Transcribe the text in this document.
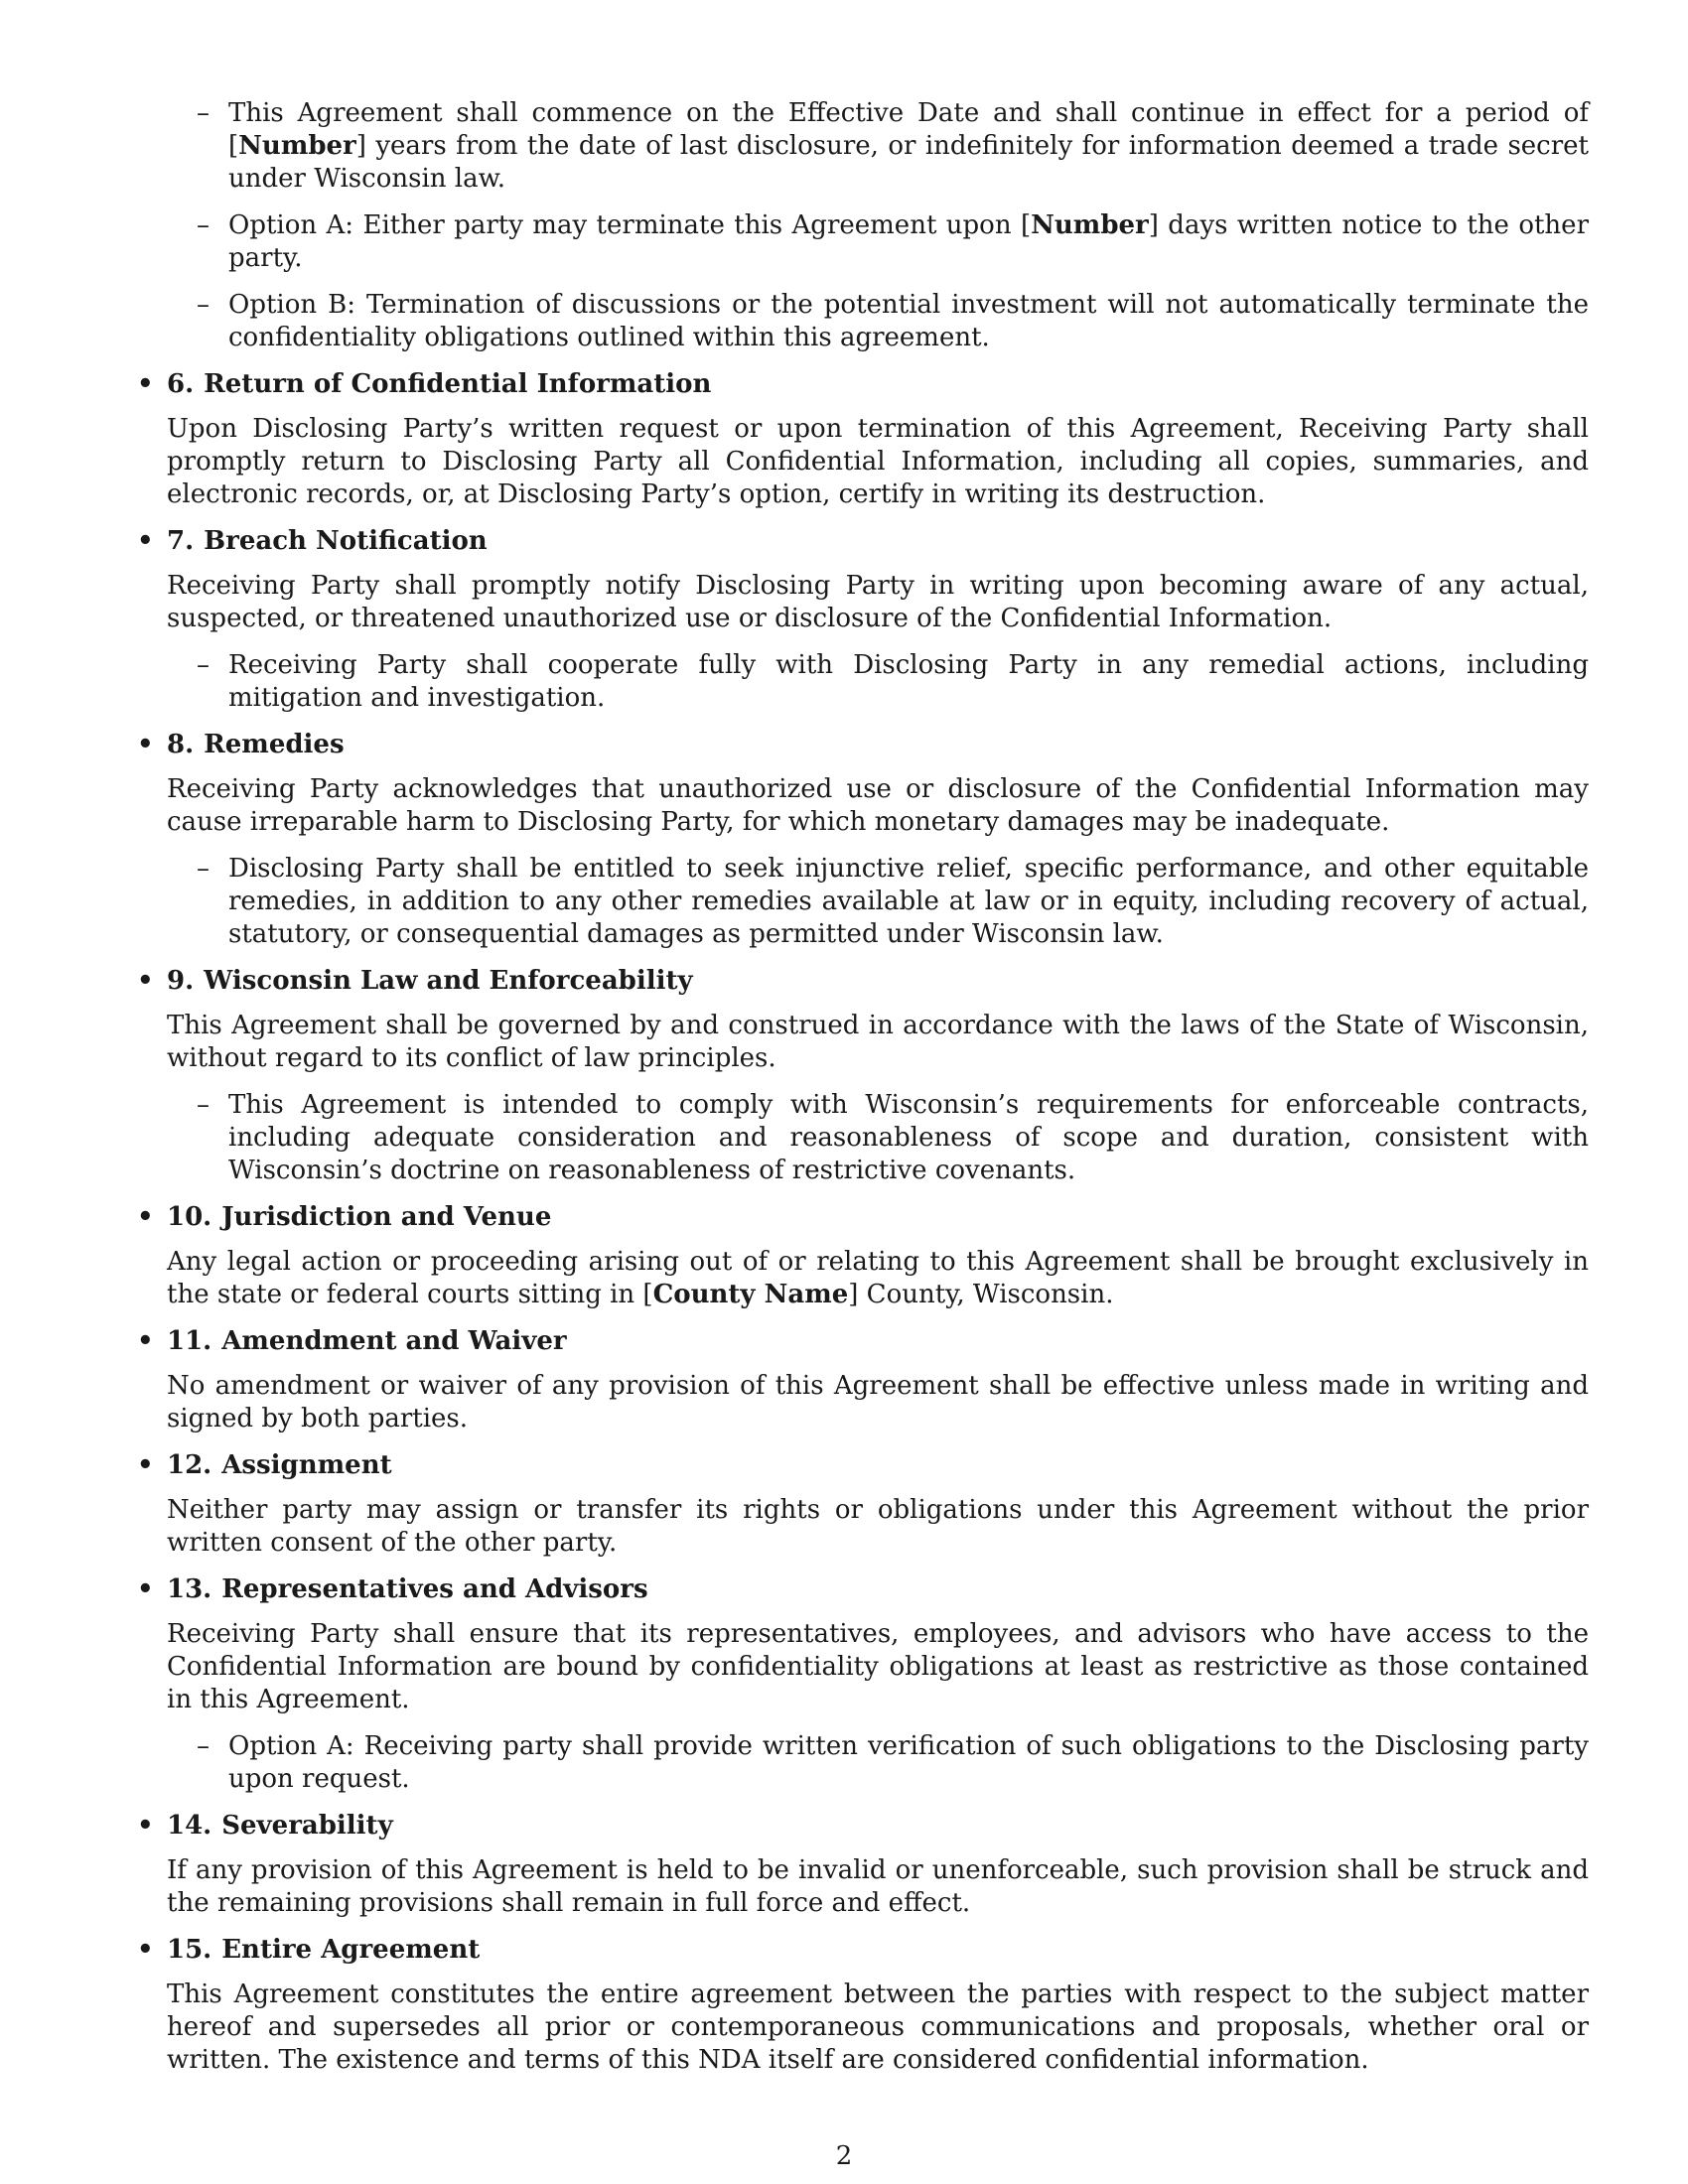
– This Agreement shall commence on the Effective Date and shall continue in effect for a period of [Number] years from the date of last disclosure, or indefinitely for information deemed a trade secret under Wisconsin law.
– Option A: Either party may terminate this Agreement upon [Number] days written notice to the other party.
– Option B: Termination of discussions or the potential investment will not automatically terminate the confidentiality obligations outlined within this agreement.
• 6. Return of Confidential Information
Upon Disclosing Party’s written request or upon termination of this Agreement, Receiving Party shall promptly return to Disclosing Party all Confidential Information, including all copies, summaries, and electronic records, or, at Disclosing Party’s option, certify in writing its destruction.
• 7. Breach Notification
Receiving Party shall promptly notify Disclosing Party in writing upon becoming aware of any actual, suspected, or threatened unauthorized use or disclosure of the Confidential Information.
– Receiving Party shall cooperate fully with Disclosing Party in any remedial actions, including mitigation and investigation.
• 8. Remedies
Receiving Party acknowledges that unauthorized use or disclosure of the Confidential Information may cause irreparable harm to Disclosing Party, for which monetary damages may be inadequate.
– Disclosing Party shall be entitled to seek injunctive relief, specific performance, and other equitable remedies, in addition to any other remedies available at law or in equity, including recovery of actual, statutory, or consequential damages as permitted under Wisconsin law.
• 9. Wisconsin Law and Enforceability
This Agreement shall be governed by and construed in accordance with the laws of the State of Wisconsin, without regard to its conflict of law principles.
– This Agreement is intended to comply with Wisconsin’s requirements for enforceable contracts, including adequate consideration and reasonableness of scope and duration, consistent with Wisconsin’s doctrine on reasonableness of restrictive covenants.
• 10. Jurisdiction and Venue
Any legal action or proceeding arising out of or relating to this Agreement shall be brought exclusively in the state or federal courts sitting in [County Name] County, Wisconsin.
• 11. Amendment and Waiver
No amendment or waiver of any provision of this Agreement shall be effective unless made in writing and signed by both parties.
• 12. Assignment
Neither party may assign or transfer its rights or obligations under this Agreement without the prior written consent of the other party.
• 13. Representatives and Advisors
Receiving Party shall ensure that its representatives, employees, and advisors who have access to the Confidential Information are bound by confidentiality obligations at least as restrictive as those contained in this Agreement.
– Option A: Receiving party shall provide written verification of such obligations to the Disclosing party upon request.
• 14. Severability
If any provision of this Agreement is held to be invalid or unenforceable, such provision shall be struck and the remaining provisions shall remain in full force and effect.
• 15. Entire Agreement
This Agreement constitutes the entire agreement between the parties with respect to the subject matter hereof and supersedes all prior or contemporaneous communications and proposals, whether oral or written. The existence and terms of this NDA itself are considered confidential information.
2
